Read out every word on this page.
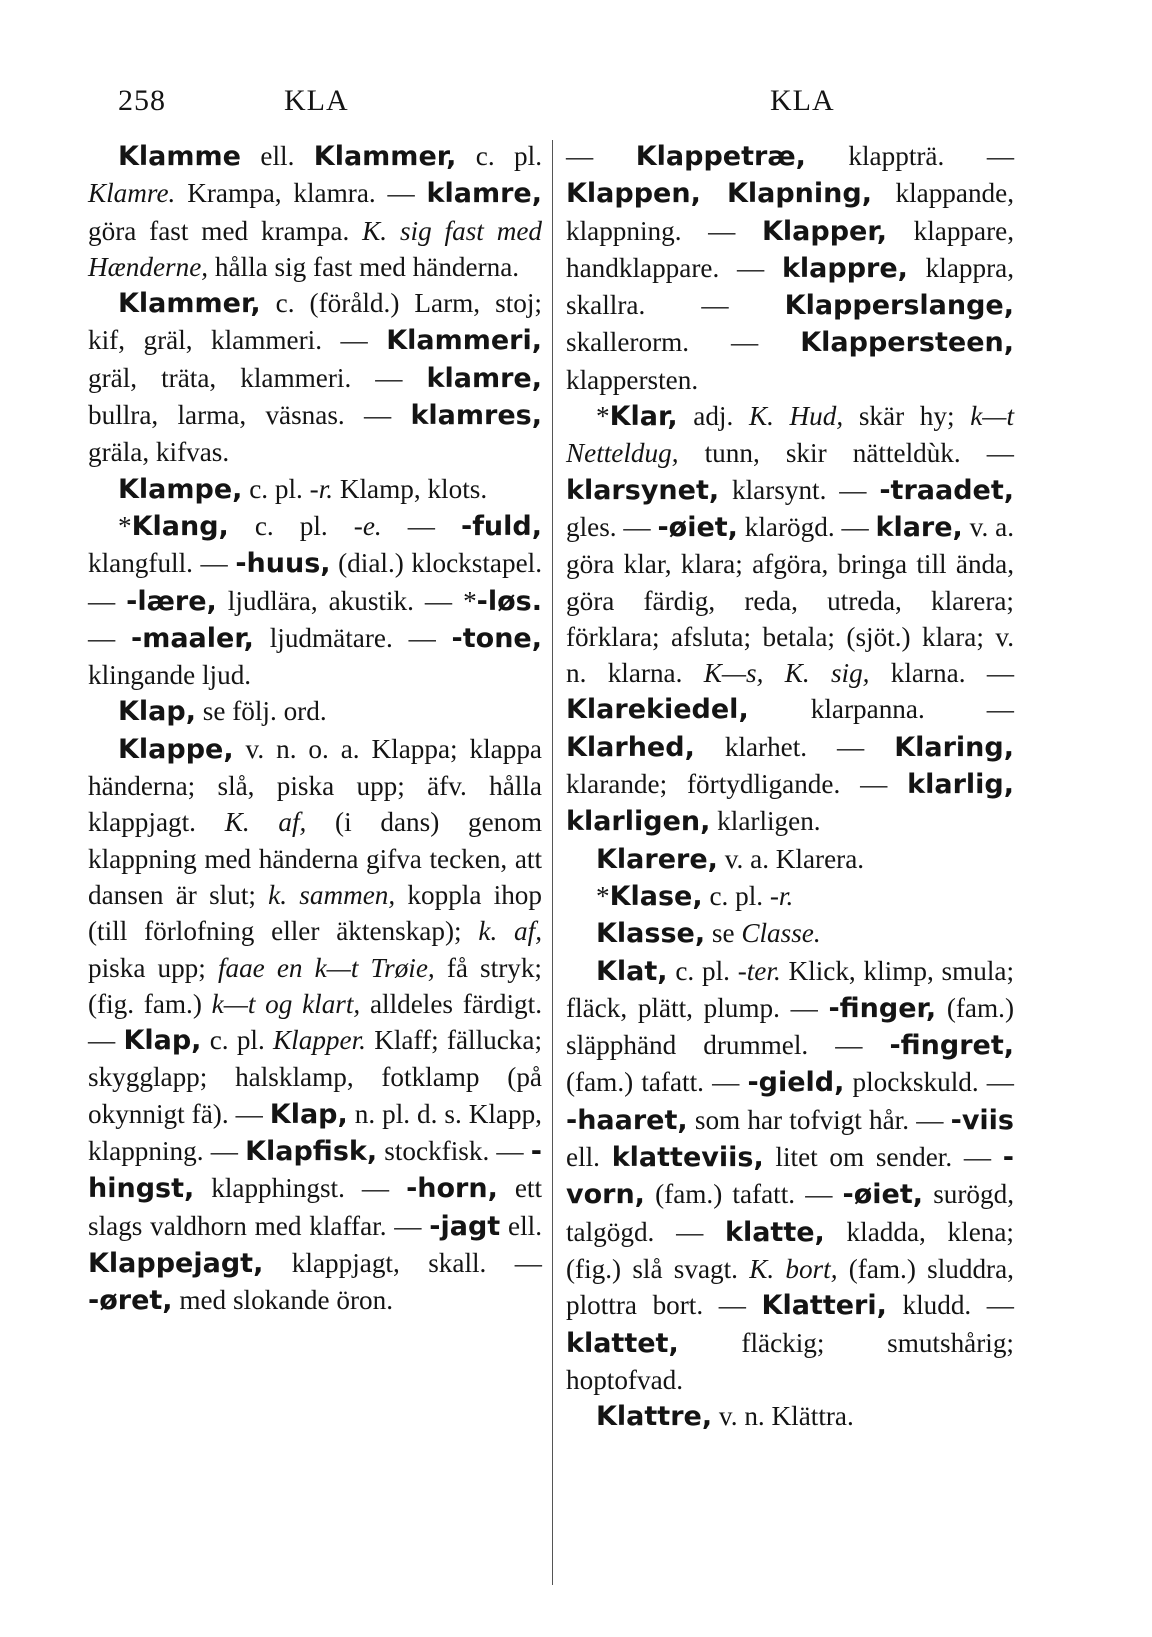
258	KLA	KLA

Klamme ell. Klammer, c. pl. Klamre. Krampa, klamra. — klamre, göra fast med krampa. K. sig fast med Hænderne, hålla sig fast med händerna.

Klammer, c. (föråld.) Larm, stoj; kif, gräl, klammeri. — Klammeri, gräl, träta, klammeri. — klamre, bullra, larma, väsnas. — klamres, gräla, kifvas.

Klampe, c. pl. -r. Klamp, klots.

*Klang, c. pl. -e. — -fuld, klangfull. — -huus, (dial.) klockstapel. — -lære, ljudlära, akustik. — *-løs. — -maaler, ljudmätare. — -tone, klingande ljud.

Klap, se följ. ord.

Klappe, v. n. o. a. Klappa; klappa händerna; slå, piska upp; äfv. hålla klappjagt. K. af, (i dans) genom klappning med händerna gifva tecken, att dansen är slut; k. sammen, koppla ihop (till förlofning eller äktenskap); k. af, piska upp; faae en k—t Trøie, få stryk; (fig. fam.) k—t og klart, alldeles färdigt. — Klap, c. pl. Klapper. Klaff; fällucka; skygglapp; halsklamp, fotklamp (på okynnigt fä). — Klap, n. pl. d. s. Klapp, klappning. — Klapfisk, stockfisk. — -hingst, klapphingst. — -horn, ett slags valdhorn med klaffar. — -jagt ell. Klappejagt, klappjagt, skall. — -øret, med slokande öron.

— Klappetræ, klappträ. — Klappen, Klapning, klappande, klappning. — Klapper, klappare, handklappare. — klappre, klappra, skallra. — Klapperslange, skallerorm. — Klappersteen, klappersten.

*Klar, adj. K. Hud, skär hy; k—t Netteldug, tunn, skir nätteldùk. — klarsynet, klarsynt. — -traadet, gles. — -øiet, klarögd. — klare, v. a. göra klar, klara; afgöra, bringa till ända, göra färdig, reda, utreda, klarera; förklara; afsluta; betala; (sjöt.) klara; v. n. klarna. K—s, K. sig, klarna. — Klarekiedel, klarpanna. — Klarhed, klarhet. — Klaring, klarande; förtydligande. — klarlig, klarligen, klarligen.

Klarere, v. a. Klarera.

*Klase, c. pl. -r.

Klasse, se Classe.

Klat, c. pl. -ter. Klick, klimp, smula; fläck, plätt, plump. — -finger, (fam.) släpphänd drummel. — -fingret, (fam.) tafatt. — -gield, plockskuld. — -haaret, som har tofvigt hår. — -viis ell. klatteviis, litet om sender. — -vorn, (fam.) tafatt. — -øiet, surögd, talgögd. — klatte, kladda, klena; (fig.) slå svagt. K. bort, (fam.) sluddra, plottra bort. — Klatteri, kludd. — klattet, fläckig; smutshårig; hoptofvad.

Klattre, v. n. Klättra.
